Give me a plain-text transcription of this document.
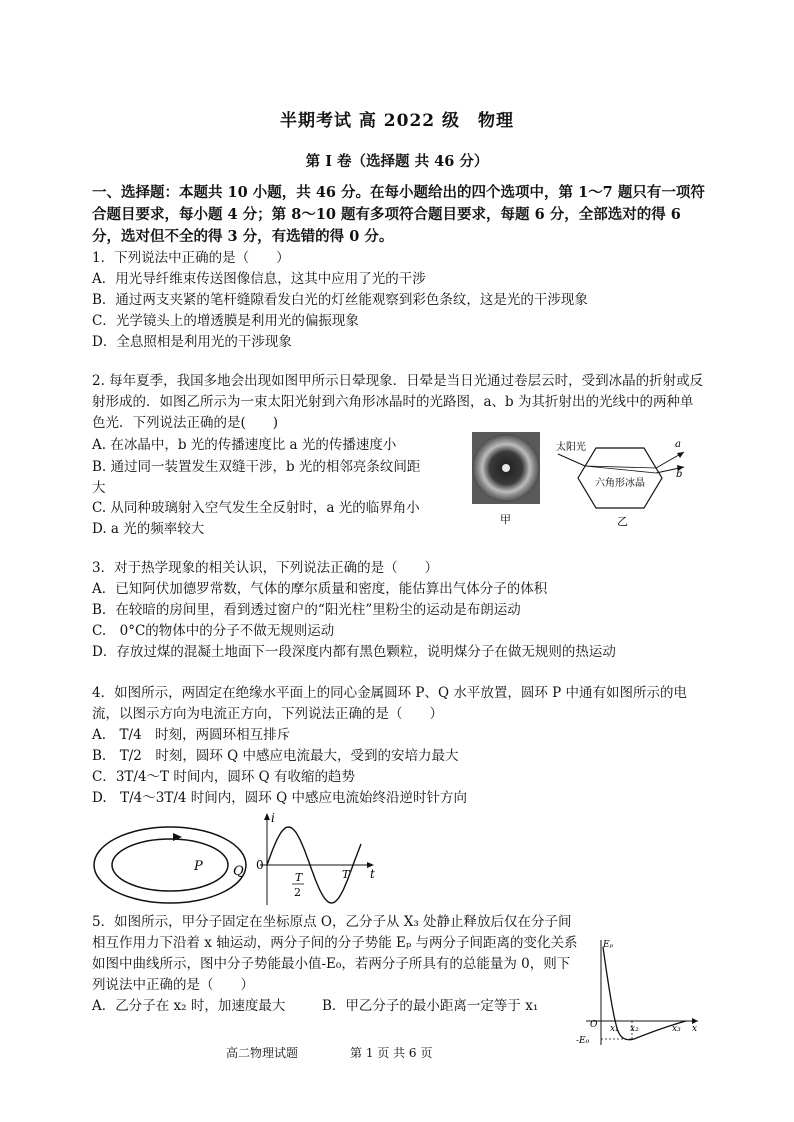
半期考试 高 2022 级　物理
第 I 卷（选择题 共 46 分）
一、选择题：本题共 10 小题，共 46 分。在每小题给出的四个选项中，第 1～7 题只有一项符合题目要求，每小题 4 分；第 8～10 题有多项符合题目要求，每题 6 分，全部选对的得 6 分，选对但不全的得 3 分，有选错的得 0 分。
1．下列说法中正确的是（　　）
A．用光导纤维束传送图像信息，这其中应用了光的干涉
B．通过两支夹紧的笔杆缝隙看发白光的灯丝能观察到彩色条纹，这是光的干涉现象
C．光学镜头上的增透膜是利用光的偏振现象
D．全息照相是利用光的干涉现象
2. 每年夏季，我国多地会出现如图甲所示日晕现象．日晕是当日光通过卷层云时，受到冰晶的折射或反射形成的．如图乙所示为一束太阳光射到六角形冰晶时的光路图，a、b 为其折射出的光线中的两种单色光．下列说法正确的是(　　)
A. 在冰晶中，b 光的传播速度比 a 光的传播速度小
B. 通过同一装置发生双缝干涉，b 光的相邻亮条纹间距
大
C. 从同种玻璃射入空气发生全反射时，a 光的临界角小
D. a 光的频率较大
甲
太阳光	a
b
六角形冰晶
乙
3．对于热学现象的相关认识，下列说法正确的是（　　）
A．已知阿伏加德罗常数，气体的摩尔质量和密度，能估算出气体分子的体积
B．在较暗的房间里，看到透过窗户的“阳光柱”里粉尘的运动是布朗运动
C.　0°C的物体中的分子不做无规则运动
D．存放过煤的混凝土地面下一段深度内都有黑色颗粒，说明煤分子在做无规则的热运动
4．如图所示，两固定在绝缘水平面上的同心金属圆环 P、Q 水平放置，圆环 P 中通有如图所示的电流，以图示方向为电流正方向，下列说法正确的是（　　）
A.　T/4　时刻，两圆环相互排斥
B.　T/2　时刻，圆环 Q 中感应电流最大，受到的安培力最大
C．3T/4～T 时间内，圆环 Q 有收缩的趋势
D.　T/4～3T/4 时间内，圆环 Q 中感应电流始终沿逆时针方向
P Q
i
0
t
T
2
T
5．如图所示，甲分子固定在坐标原点 O，乙分子从 X₃ 处静止释放后仅在分子间相互作用力下沿着 x 轴运动，两分子间的分子势能 Eₚ 与两分子间距离的变化关系如图中曲线所示，图中分子势能最小值-E₀，若两分子所具有的总能量为 0，则下列说法中正确的是（　　）
A．乙分子在 x₂ 时，加速度最大	B．甲乙分子的最小距离一定等于 x₁
Eₚ
O x₁ x₂	x₃ x
-E₀
高二物理试题	第 1 页 共 6 页
